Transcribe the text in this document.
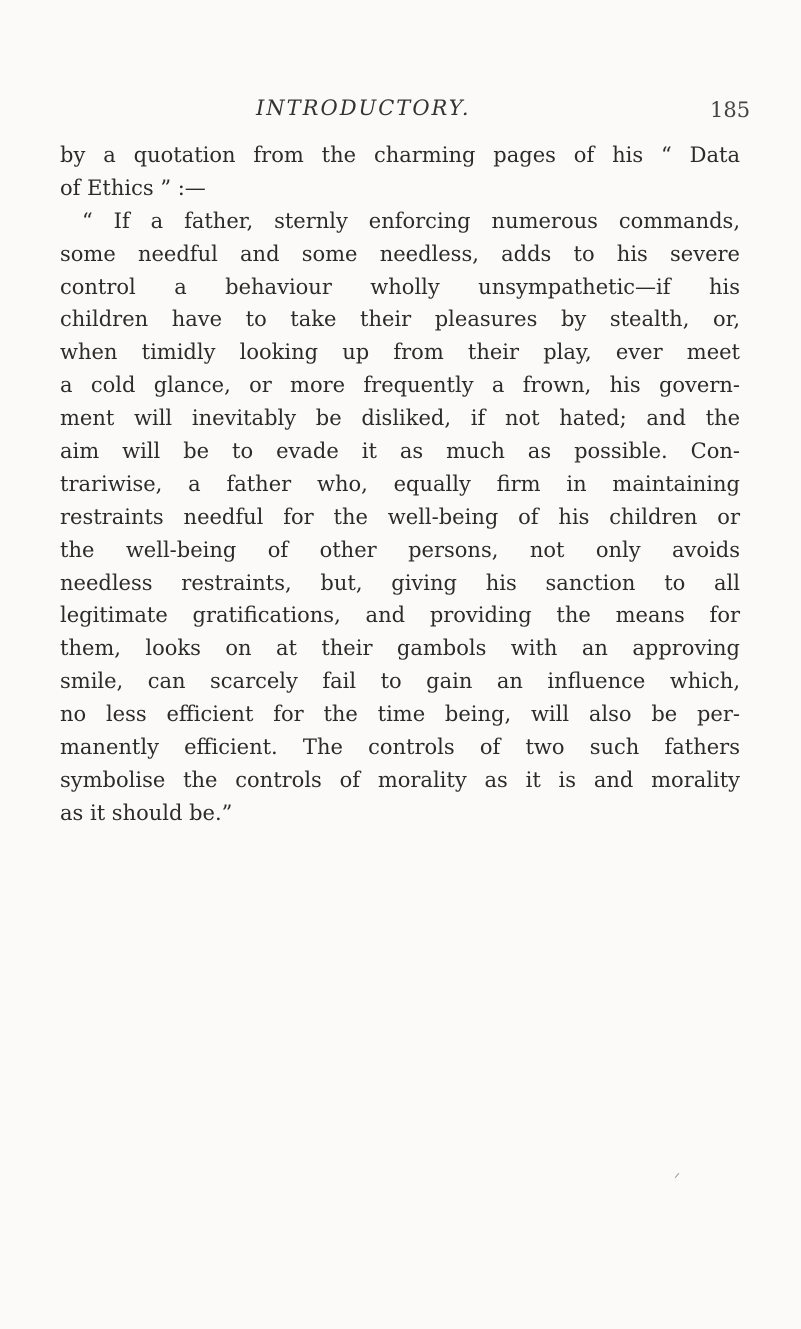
INTRODUCTORY.	185
by a quotation from the charming pages of his “ Data
of Ethics ” :—
“ If a father, sternly enforcing numerous commands,
some needful and some needless, adds to his severe
control a behaviour wholly unsympathetic—if his
children have to take their pleasures by stealth, or,
when timidly looking up from their play, ever meet
a cold glance, or more frequently a frown, his govern-
ment will inevitably be disliked, if not hated; and the
aim will be to evade it as much as possible. Con-
trariwise, a father who, equally firm in maintaining
restraints needful for the well-being of his children or
the well-being of other persons, not only avoids
needless restraints, but, giving his sanction to all
legitimate gratifications, and providing the means for
them, looks on at their gambols with an approving
smile, can scarcely fail to gain an influence which,
no less efficient for the time being, will also be per-
manently efficient. The controls of two such fathers
symbolise the controls of morality as it is and morality
as it should be.”
